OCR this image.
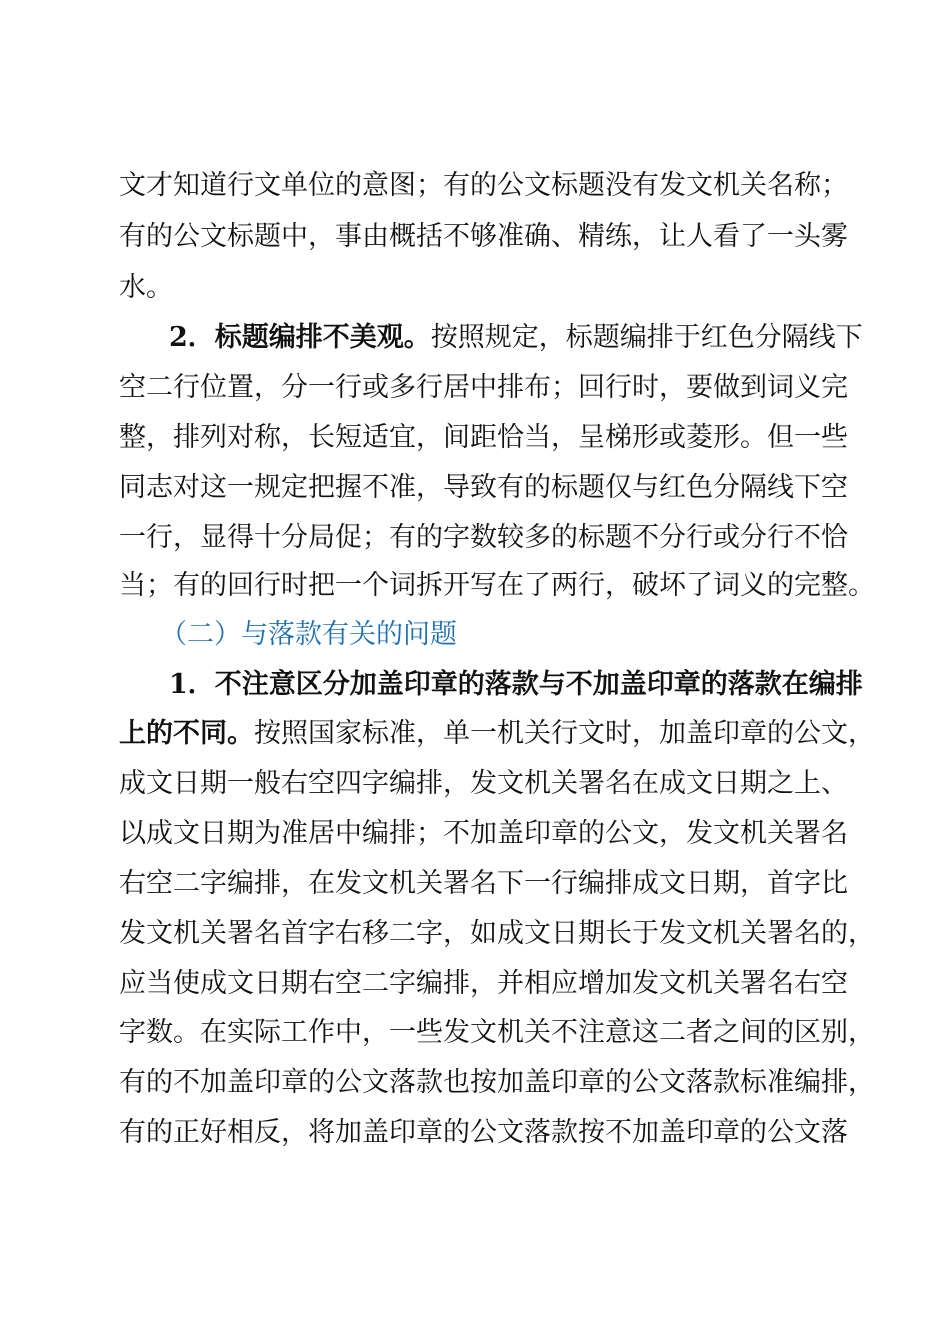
文才知道行文单位的意图；有的公文标题没有发文机关名称；
有的公文标题中，事由概括不够准确、精练，让人看了一头雾
水。
2．标题编排不美观。按照规定，标题编排于红色分隔线下
空二行位置，分一行或多行居中排布；回行时，要做到词义完
整，排列对称，长短适宜，间距恰当，呈梯形或菱形。但一些
同志对这一规定把握不准，导致有的标题仅与红色分隔线下空
一行，显得十分局促；有的字数较多的标题不分行或分行不恰
当；有的回行时把一个词拆开写在了两行，破坏了词义的完整。
（二）与落款有关的问题
1．不注意区分加盖印章的落款与不加盖印章的落款在编排
上的不同。按照国家标准，单一机关行文时，加盖印章的公文，
成文日期一般右空四字编排，发文机关署名在成文日期之上、
以成文日期为准居中编排；不加盖印章的公文，发文机关署名
右空二字编排，在发文机关署名下一行编排成文日期，首字比
发文机关署名首字右移二字，如成文日期长于发文机关署名的，
应当使成文日期右空二字编排，并相应增加发文机关署名右空
字数。在实际工作中，一些发文机关不注意这二者之间的区别，
有的不加盖印章的公文落款也按加盖印章的公文落款标准编排，
有的正好相反，将加盖印章的公文落款按不加盖印章的公文落
